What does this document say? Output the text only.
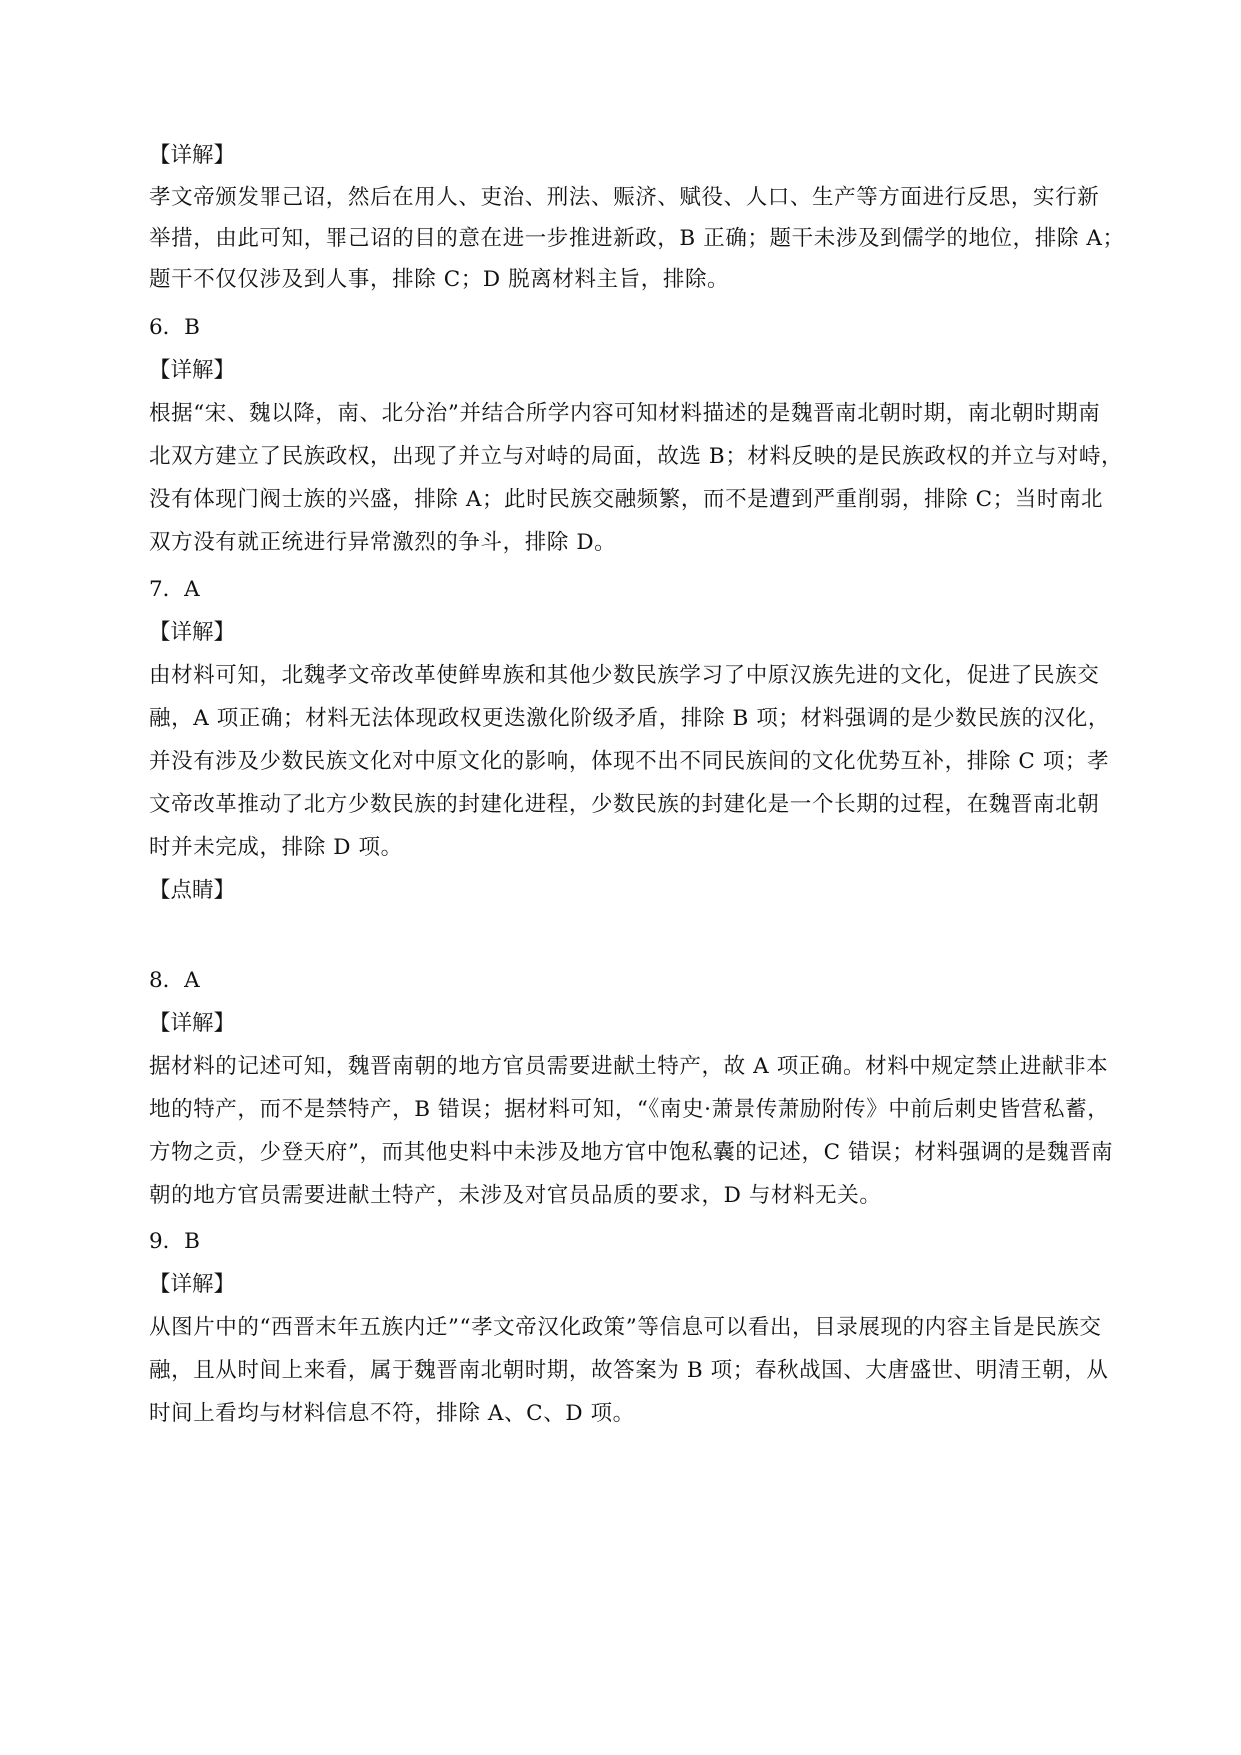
【详解】
孝文帝颁发罪己诏，然后在用人、吏治、刑法、赈济、赋役、人口、生产等方面进行反思，实行新
举措，由此可知，罪己诏的目的意在进一步推进新政，B 正确；题干未涉及到儒学的地位，排除 A；
题干不仅仅涉及到人事，排除 C；D 脱离材料主旨，排除。
6．B
【详解】
根据“宋、魏以降，南、北分治”并结合所学内容可知材料描述的是魏晋南北朝时期，南北朝时期南
北双方建立了民族政权，出现了并立与对峙的局面，故选 B；材料反映的是民族政权的并立与对峙，
没有体现门阀士族的兴盛，排除 A；此时民族交融频繁，而不是遭到严重削弱，排除 C；当时南北
双方没有就正统进行异常激烈的争斗，排除 D。
7．A
【详解】
由材料可知，北魏孝文帝改革使鲜卑族和其他少数民族学习了中原汉族先进的文化，促进了民族交
融，A 项正确；材料无法体现政权更迭激化阶级矛盾，排除 B 项；材料强调的是少数民族的汉化，
并没有涉及少数民族文化对中原文化的影响，体现不出不同民族间的文化优势互补，排除 C 项；孝
文帝改革推动了北方少数民族的封建化进程，少数民族的封建化是一个长期的过程，在魏晋南北朝
时并未完成，排除 D 项。
【点睛】
8．A
【详解】
据材料的记述可知，魏晋南朝的地方官员需要进献土特产，故 A 项正确。材料中规定禁止进献非本
地的特产，而不是禁特产，B 错误；据材料可知，“《南史·萧景传萧励附传》中前后刺史皆营私蓄，
方物之贡，少登天府”，而其他史料中未涉及地方官中饱私囊的记述，C 错误；材料强调的是魏晋南
朝的地方官员需要进献土特产，未涉及对官员品质的要求，D 与材料无关。
9．B
【详解】
从图片中的“西晋末年五族内迁”“孝文帝汉化政策”等信息可以看出，目录展现的内容主旨是民族交
融，且从时间上来看，属于魏晋南北朝时期，故答案为 B 项；春秋战国、大唐盛世、明清王朝，从
时间上看均与材料信息不符，排除 A、C、D 项。
